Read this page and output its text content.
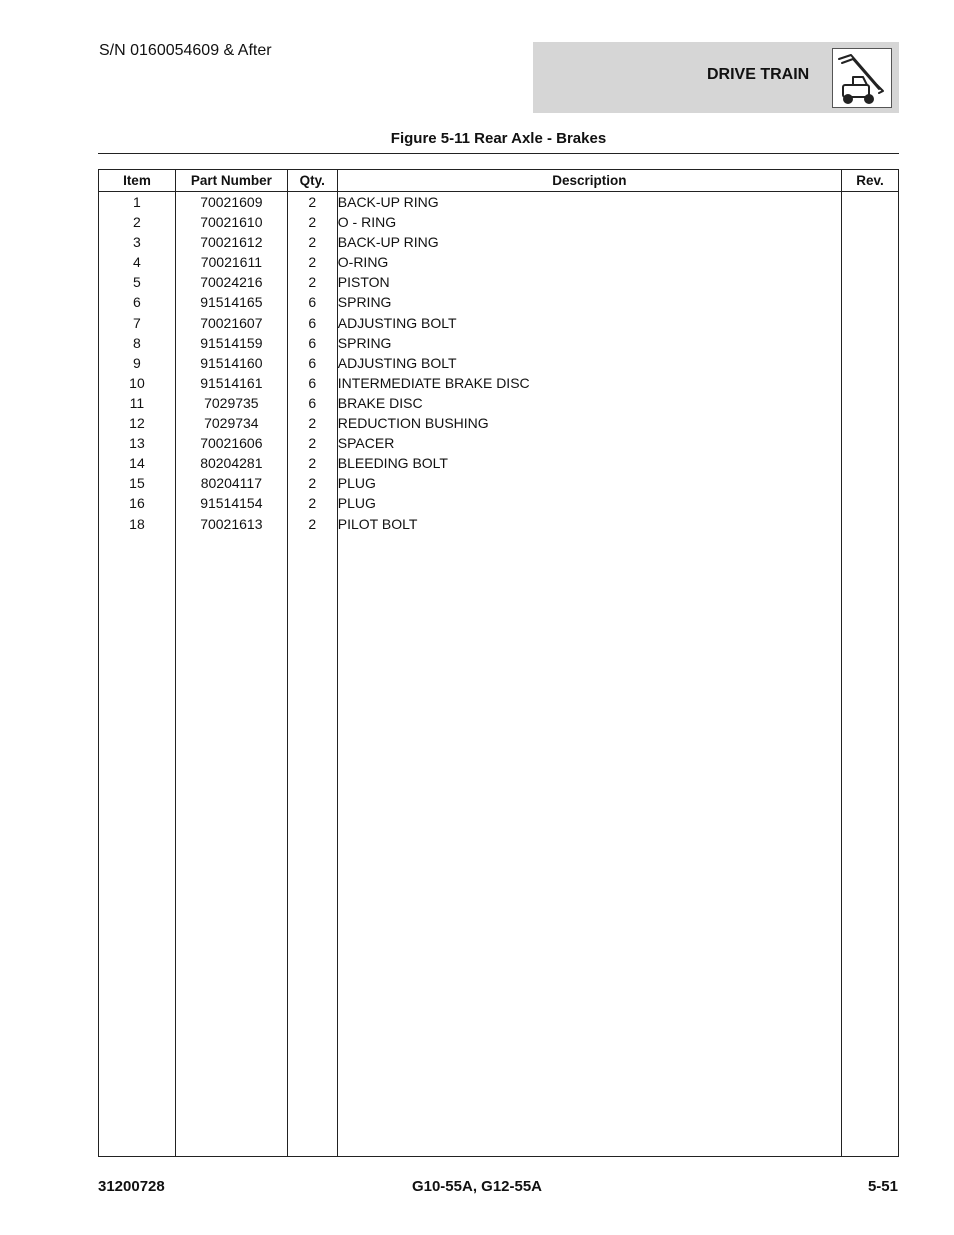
S/N 0160054609 & After
DRIVE TRAIN
Figure 5-11 Rear Axle - Brakes
Item	Part Number	Qty.	Description	Rev.
1	70021609	2	BACK-UP RING	
2	70021610	2	O - RING	
3	70021612	2	BACK-UP RING	
4	70021611	2	O-RING	
5	70024216	2	PISTON	
6	91514165	6	SPRING	
7	70021607	6	ADJUSTING BOLT	
8	91514159	6	SPRING	
9	91514160	6	ADJUSTING BOLT	
10	91514161	6	INTERMEDIATE BRAKE DISC	
11	7029735	6	BRAKE DISC	
12	7029734	2	REDUCTION BUSHING	
13	70021606	2	SPACER	
14	80204281	2	BLEEDING BOLT	
15	80204117	2	PLUG	
16	91514154	2	PLUG	
18	70021613	2	PILOT BOLT	

31200728	G10-55A, G12-55A	5-51
